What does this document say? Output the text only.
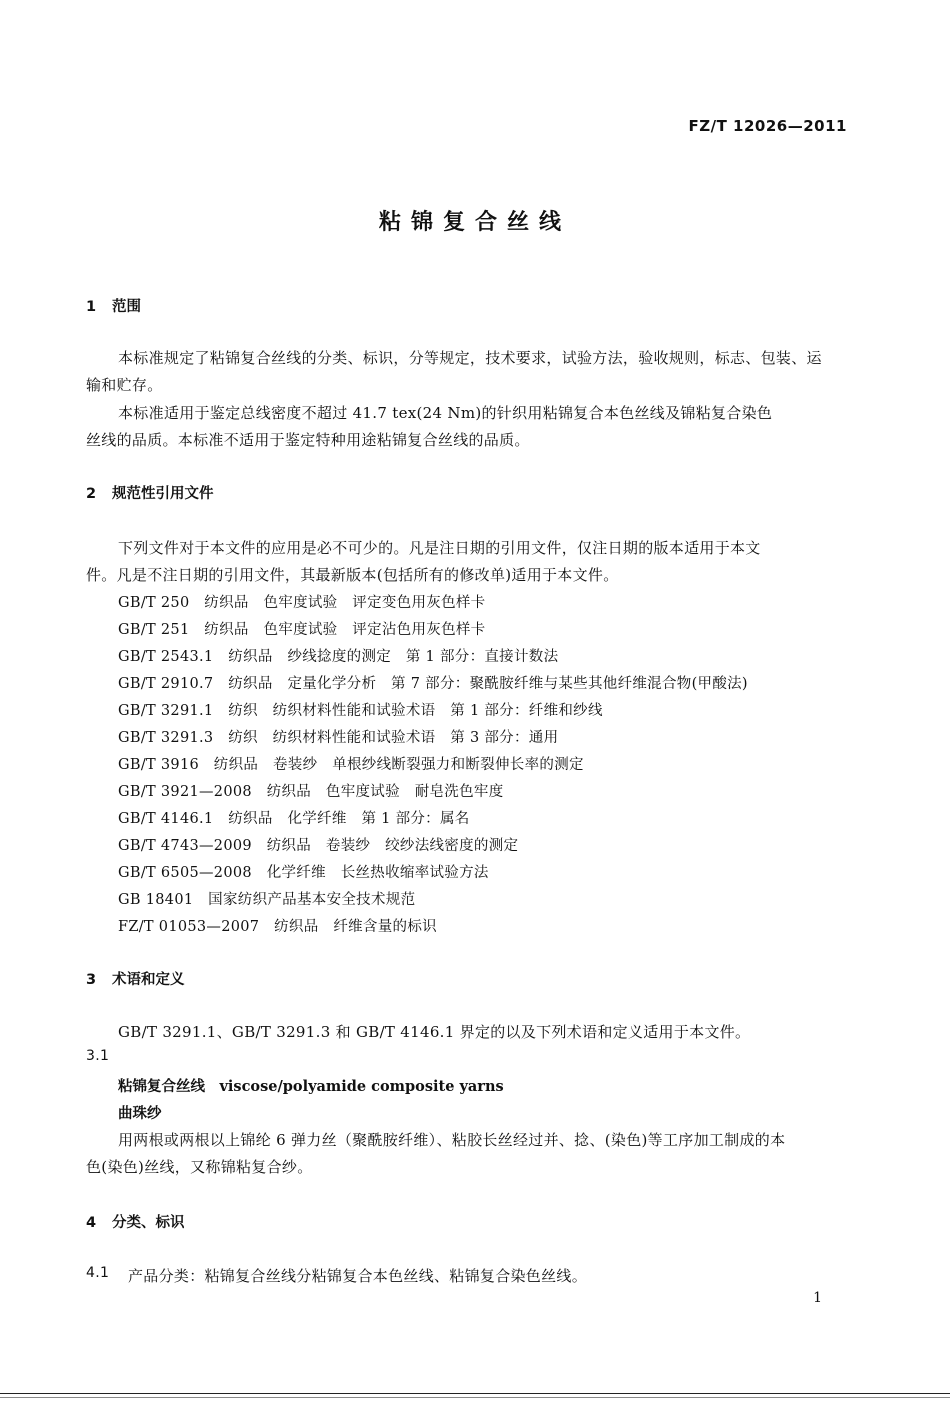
FZ/T 12026—2011
粘锦复合丝线
1 范围
本标准规定了粘锦复合丝线的分类、标识，分等规定，技术要求，试验方法，验收规则，标志、包装、运
输和贮存。
本标准适用于鉴定总线密度不超过 41.7 tex(24 Nm)的针织用粘锦复合本色丝线及锦粘复合染色
丝线的品质。本标准不适用于鉴定特种用途粘锦复合丝线的品质。
2 规范性引用文件
下列文件对于本文件的应用是必不可少的。凡是注日期的引用文件，仅注日期的版本适用于本文
件。凡是不注日期的引用文件，其最新版本(包括所有的修改单)适用于本文件。
GB/T 250　纺织品　色牢度试验　评定变色用灰色样卡
GB/T 251　纺织品　色牢度试验　评定沾色用灰色样卡
GB/T 2543.1　纺织品　纱线捻度的测定　第 1 部分：直接计数法
GB/T 2910.7　纺织品　定量化学分析　第 7 部分：聚酰胺纤维与某些其他纤维混合物(甲酸法)
GB/T 3291.1　纺织　纺织材料性能和试验术语　第 1 部分：纤维和纱线
GB/T 3291.3　纺织　纺织材料性能和试验术语　第 3 部分：通用
GB/T 3916　纺织品　卷装纱　单根纱线断裂强力和断裂伸长率的测定
GB/T 3921—2008　纺织品　色牢度试验　耐皂洗色牢度
GB/T 4146.1　纺织品　化学纤维　第 1 部分：属名
GB/T 4743—2009　纺织品　卷装纱　绞纱法线密度的测定
GB/T 6505—2008　化学纤维　长丝热收缩率试验方法
GB 18401　国家纺织产品基本安全技术规范
FZ/T 01053—2007　纺织品　纤维含量的标识
3 术语和定义
GB/T 3291.1、GB/T 3291.3 和 GB/T 4146.1 界定的以及下列术语和定义适用于本文件。
3.1
粘锦复合丝线　viscose/polyamide composite yarns
曲珠纱
用两根或两根以上锦纶 6 弹力丝（聚酰胺纤维）、粘胶长丝经过并、捻、(染色)等工序加工制成的本
色(染色)丝线，又称锦粘复合纱。
4 分类、标识
4.1 产品分类：粘锦复合丝线分粘锦复合本色丝线、粘锦复合染色丝线。
1
